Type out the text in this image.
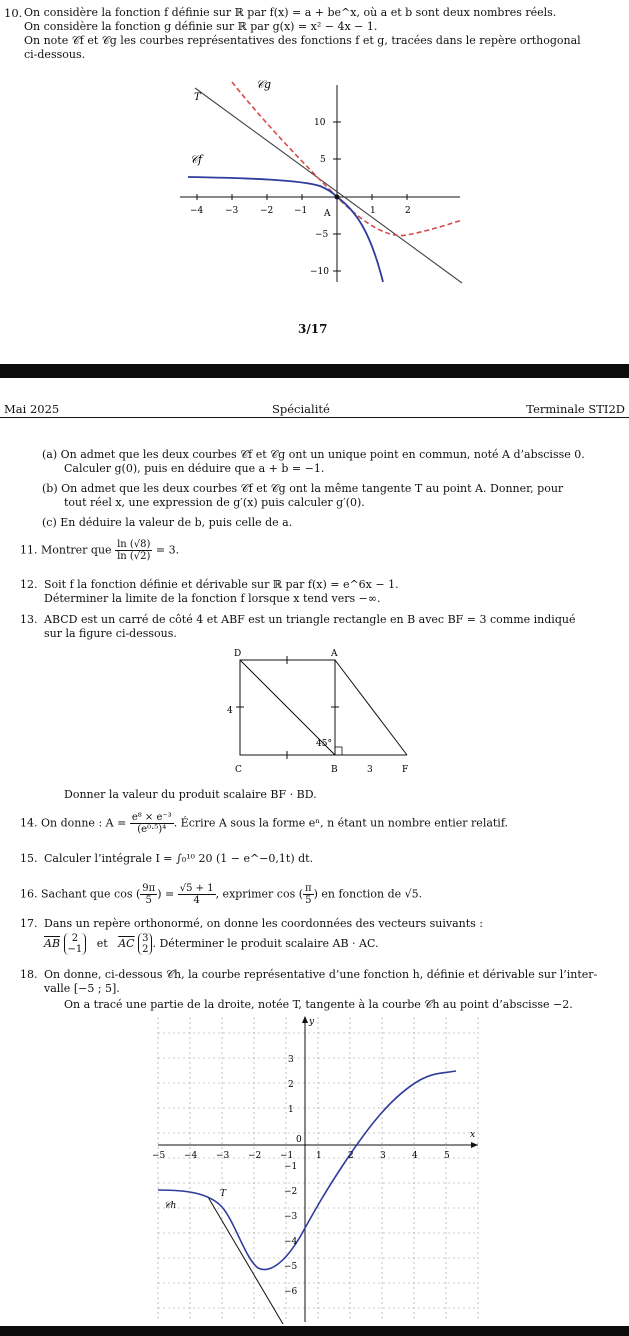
10. On considère la fonction f définie sur ℝ par f(x) = a + be^x, où a et b sont deux nombres réels.
On considère la fonction g définie sur ℝ par g(x) = x² − 4x − 1.
On note 𝒞f et 𝒞g les courbes représentatives des fonctions f et g, tracées dans le repère orthogonal
ci-dessous.
𝒞g
𝒞f
T
A
10
5
−5
−10
−4 −3 −2 −1	1	2
3/17
Mai 2025	Spécialité	Terminale STI2D
(a) On admet que les deux courbes 𝒞f et 𝒞g ont un unique point en commun, noté A d’abscisse 0.
Calculer g(0), puis en déduire que a + b = −1.
(b) On admet que les deux courbes 𝒞f et 𝒞g ont la même tangente T au point A. Donner, pour
tout réel x, une expression de g′(x) puis calculer g′(0).
(c) En déduire la valeur de b, puis celle de a.
11. Montrer que $\frac{\ln (√8)}{\ln (√2)} = 3$.
12. Soit f la fonction définie et dérivable sur ℝ par f(x) = e^6x − 1.
Déterminer la limite de la fonction f lorsque x tend vers −∞.
13. ABCD est un carré de côté 4 et ABF est un triangle rectangle en B avec BF = 3 comme indiqué
sur la figure ci-dessous.
D	A
C	B	F
4
3
45°
Donner la valeur du produit scalaire BF · BD.
14. On donne : $A = \frac{\text{e⁸ × e⁻³}}{\text{(e⁰·⁵)⁴}}$ . Écrire A sous la forme eⁿ, n étant un nombre entier relatif.
15. Calculer l’intégrale I = ∫₀¹⁰ 20 (1 − e^−0,1t) dt.
16. Sachant que cos ( $\frac{9\pi}{5}$ ) = $\frac{√5 + 1}{4}$ , exprimer cos ( $\frac{\pi}{5}$ ) en fonction de √5.
17. Dans un repère orthonormé, on donne les coordonnées des vecteurs suivants :
$\overline{AB}$	2
−1 et $\overline{AC}$ 3
2 . Déterminer le produit scalaire AB · AC.
18. On donne, ci-dessous 𝒞h, la courbe représentative d’une fonction h, définie et dérivable sur l’inter-
valle [−5 ; 5].
On a tracé une partie de la droite, notée T, tangente à la courbe 𝒞h au point d’abscisse −2.
y
x
T
𝒞h
−5 −4 −3 −2 −1
0
1	2	3	4	5
3
2
1
−1
−2
−3
−4
−5
−6
